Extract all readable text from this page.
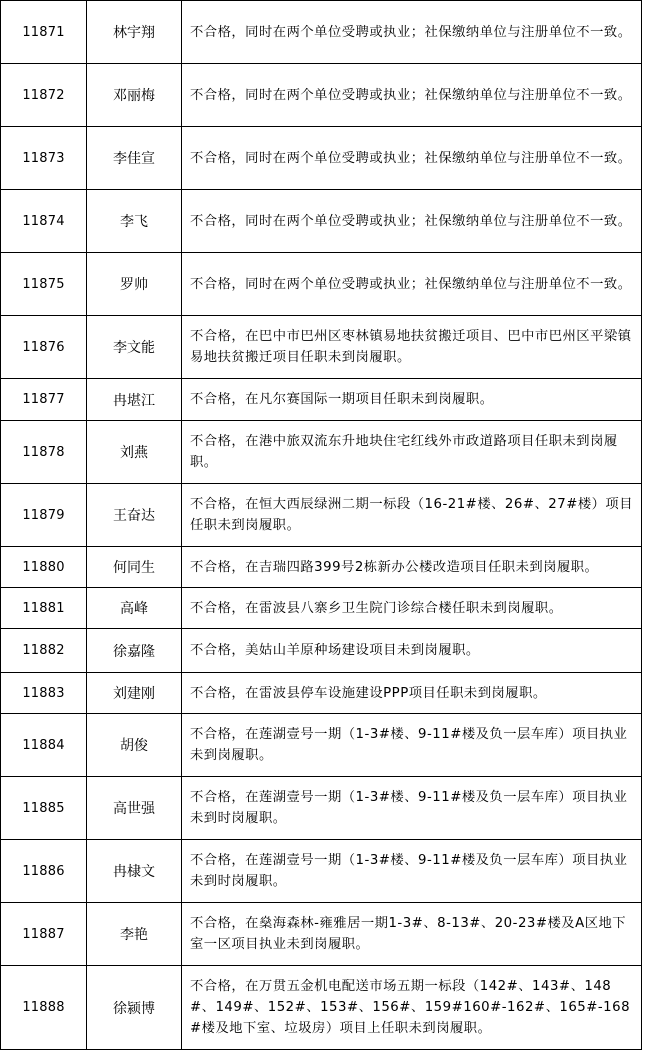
11871	林宇翔	不合格，同时在两个单位受聘或执业；社保缴纳单位与注册单位不一致。
11872	邓丽梅	不合格，同时在两个单位受聘或执业；社保缴纳单位与注册单位不一致。
11873	李佳宣	不合格，同时在两个单位受聘或执业；社保缴纳单位与注册单位不一致。
11874	李飞	不合格，同时在两个单位受聘或执业；社保缴纳单位与注册单位不一致。
11875	罗帅	不合格，同时在两个单位受聘或执业；社保缴纳单位与注册单位不一致。
11876	李文能	不合格，在巴中市巴州区枣林镇易地扶贫搬迁项目、巴中市巴州区平梁镇易地扶贫搬迁项目任职未到岗履职。
11877	冉堪江	不合格，在凡尔赛国际一期项目任职未到岗履职。
11878	刘燕	不合格，在港中旅双流东升地块住宅红线外市政道路项目任职未到岗履职。
11879	王奋达	不合格，在恒大西辰绿洲二期一标段（16-21#楼、26#、27#楼）项目任职未到岗履职。
11880	何同生	不合格，在吉瑞四路399号2栋新办公楼改造项目任职未到岗履职。
11881	高峰	不合格，在雷波县八寨乡卫生院门诊综合楼任职未到岗履职。
11882	徐嘉隆	不合格，美姑山羊原种场建设项目未到岗履职。
11883	刘建刚	不合格，在雷波县停车设施建设PPP项目任职未到岗履职。
11884	胡俊	不合格，在莲湖壹号一期（1-3#楼、9-11#楼及负一层车库）项目执业未到岗履职。
11885	高世强	不合格，在莲湖壹号一期（1-3#楼、9-11#楼及负一层车库）项目执业未到时岗履职。
11886	冉棣文	不合格，在莲湖壹号一期（1-3#楼、9-11#楼及负一层车库）项目执业未到时岗履职。
11887	李艳	不合格，在燊海森林-雍雅居一期1-3#、8-13#、20-23#楼及A区地下室一区项目执业未到岗履职。
11888	徐颍博	不合格，在万贯五金机电配送市场五期一标段（142#、143#、148#、149#、152#、153#、156#、159#160#-162#、165#-168#楼及地下室、垃圾房）项目上任职未到岗履职。
